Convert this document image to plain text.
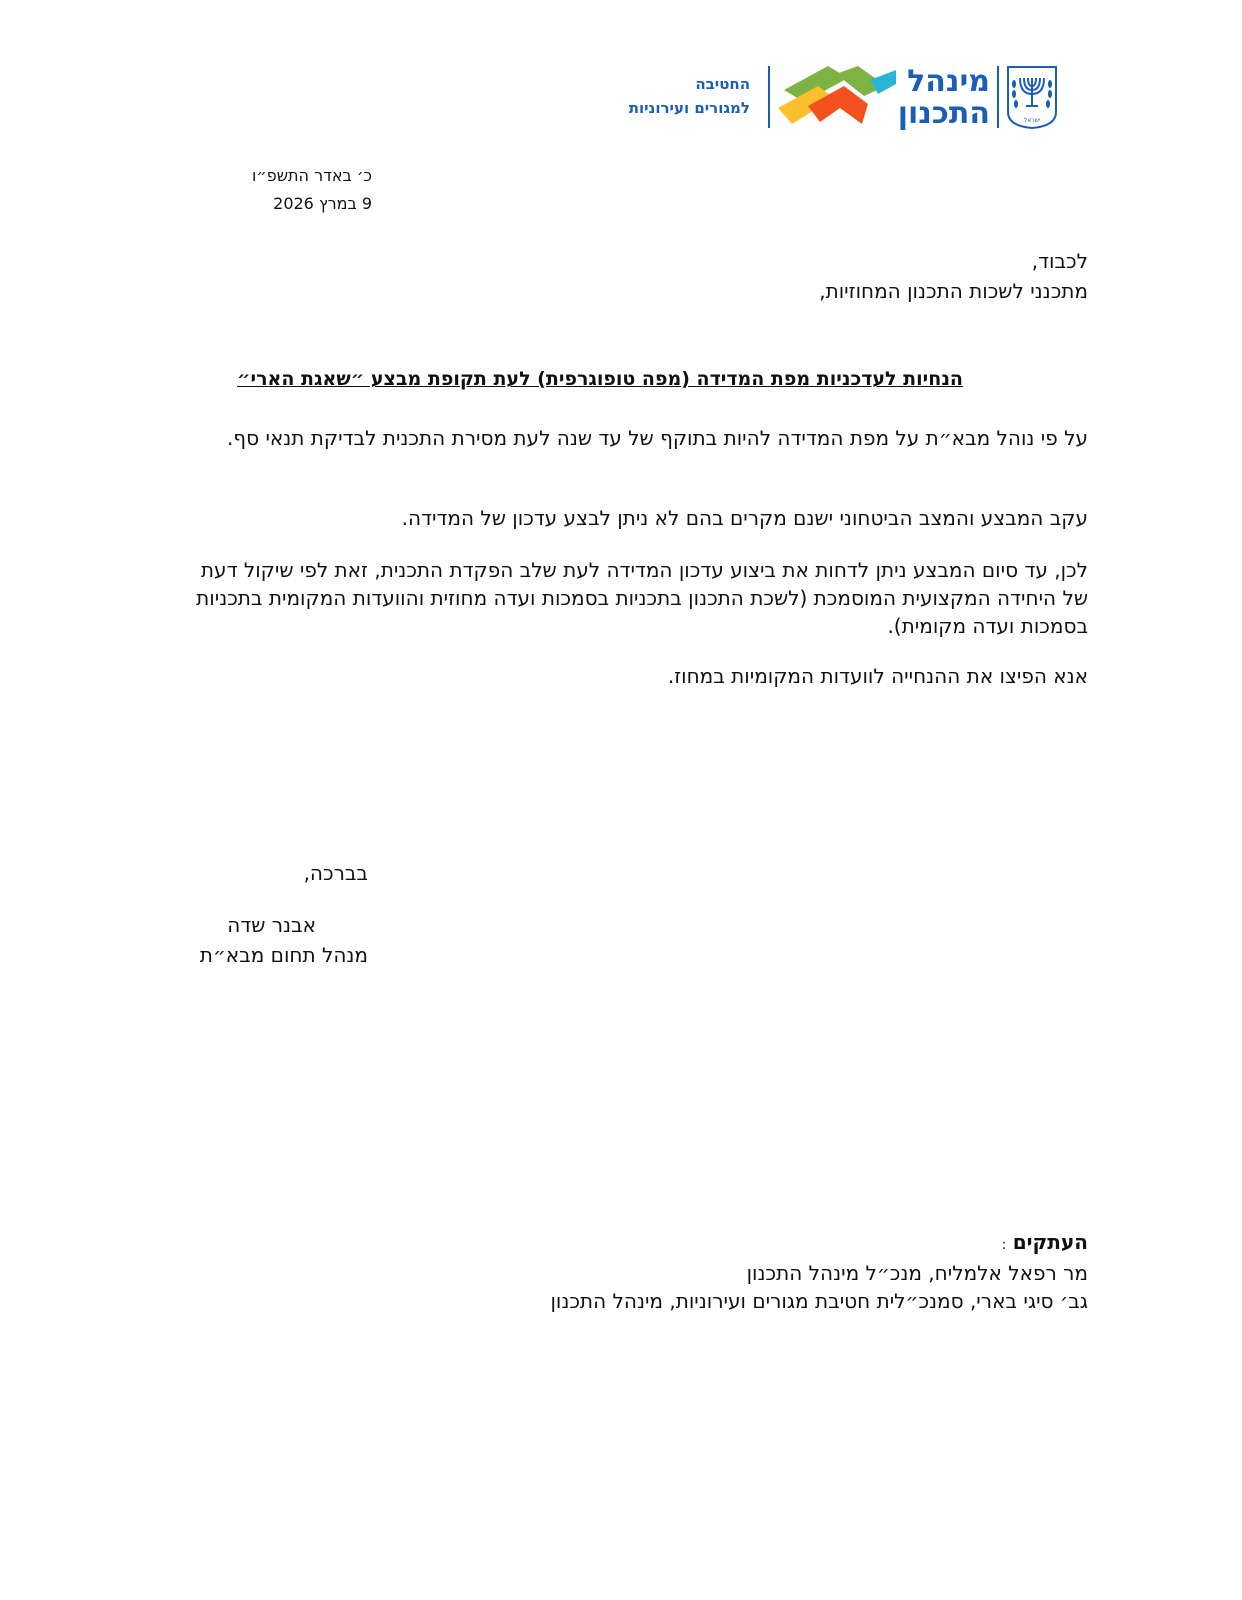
ישראל
מינהל
התכנון
החטיבה
למגורים ועירוניות
כ׳ באדר התשפ״ו
9 במרץ 2026
לכבוד,
מתכנני לשכות התכנון המחוזיות,
הנחיות לעדכניות מפת המדידה (מפה טופוגרפית) לעת תקופת מבצע ״שאגת הארי״
על פי נוהל מבא״ת על מפת המדידה להיות בתוקף של עד שנה לעת מסירת התכנית לבדיקת תנאי סף.
עקב המבצע והמצב הביטחוני ישנם מקרים בהם לא ניתן לבצע עדכון של המדידה.
לכן, עד סיום המבצע ניתן לדחות את ביצוע עדכון המדידה לעת שלב הפקדת התכנית, זאת לפי שיקול דעת של היחידה המקצועית המוסמכת (לשכת התכנון בתכניות בסמכות ועדה מחוזית והוועדות המקומית בתכניות בסמכות ועדה מקומית).
אנא הפיצו את ההנחייה לוועדות המקומיות במחוז.
בברכה,
אבנר שדה
מנהל תחום מבא״ת
העתקים :
מר רפאל אלמליח, מנכ״ל מינהל התכנון
גב׳ סיגי בארי, סמנכ״לית חטיבת מגורים ועירוניות, מינהל התכנון
